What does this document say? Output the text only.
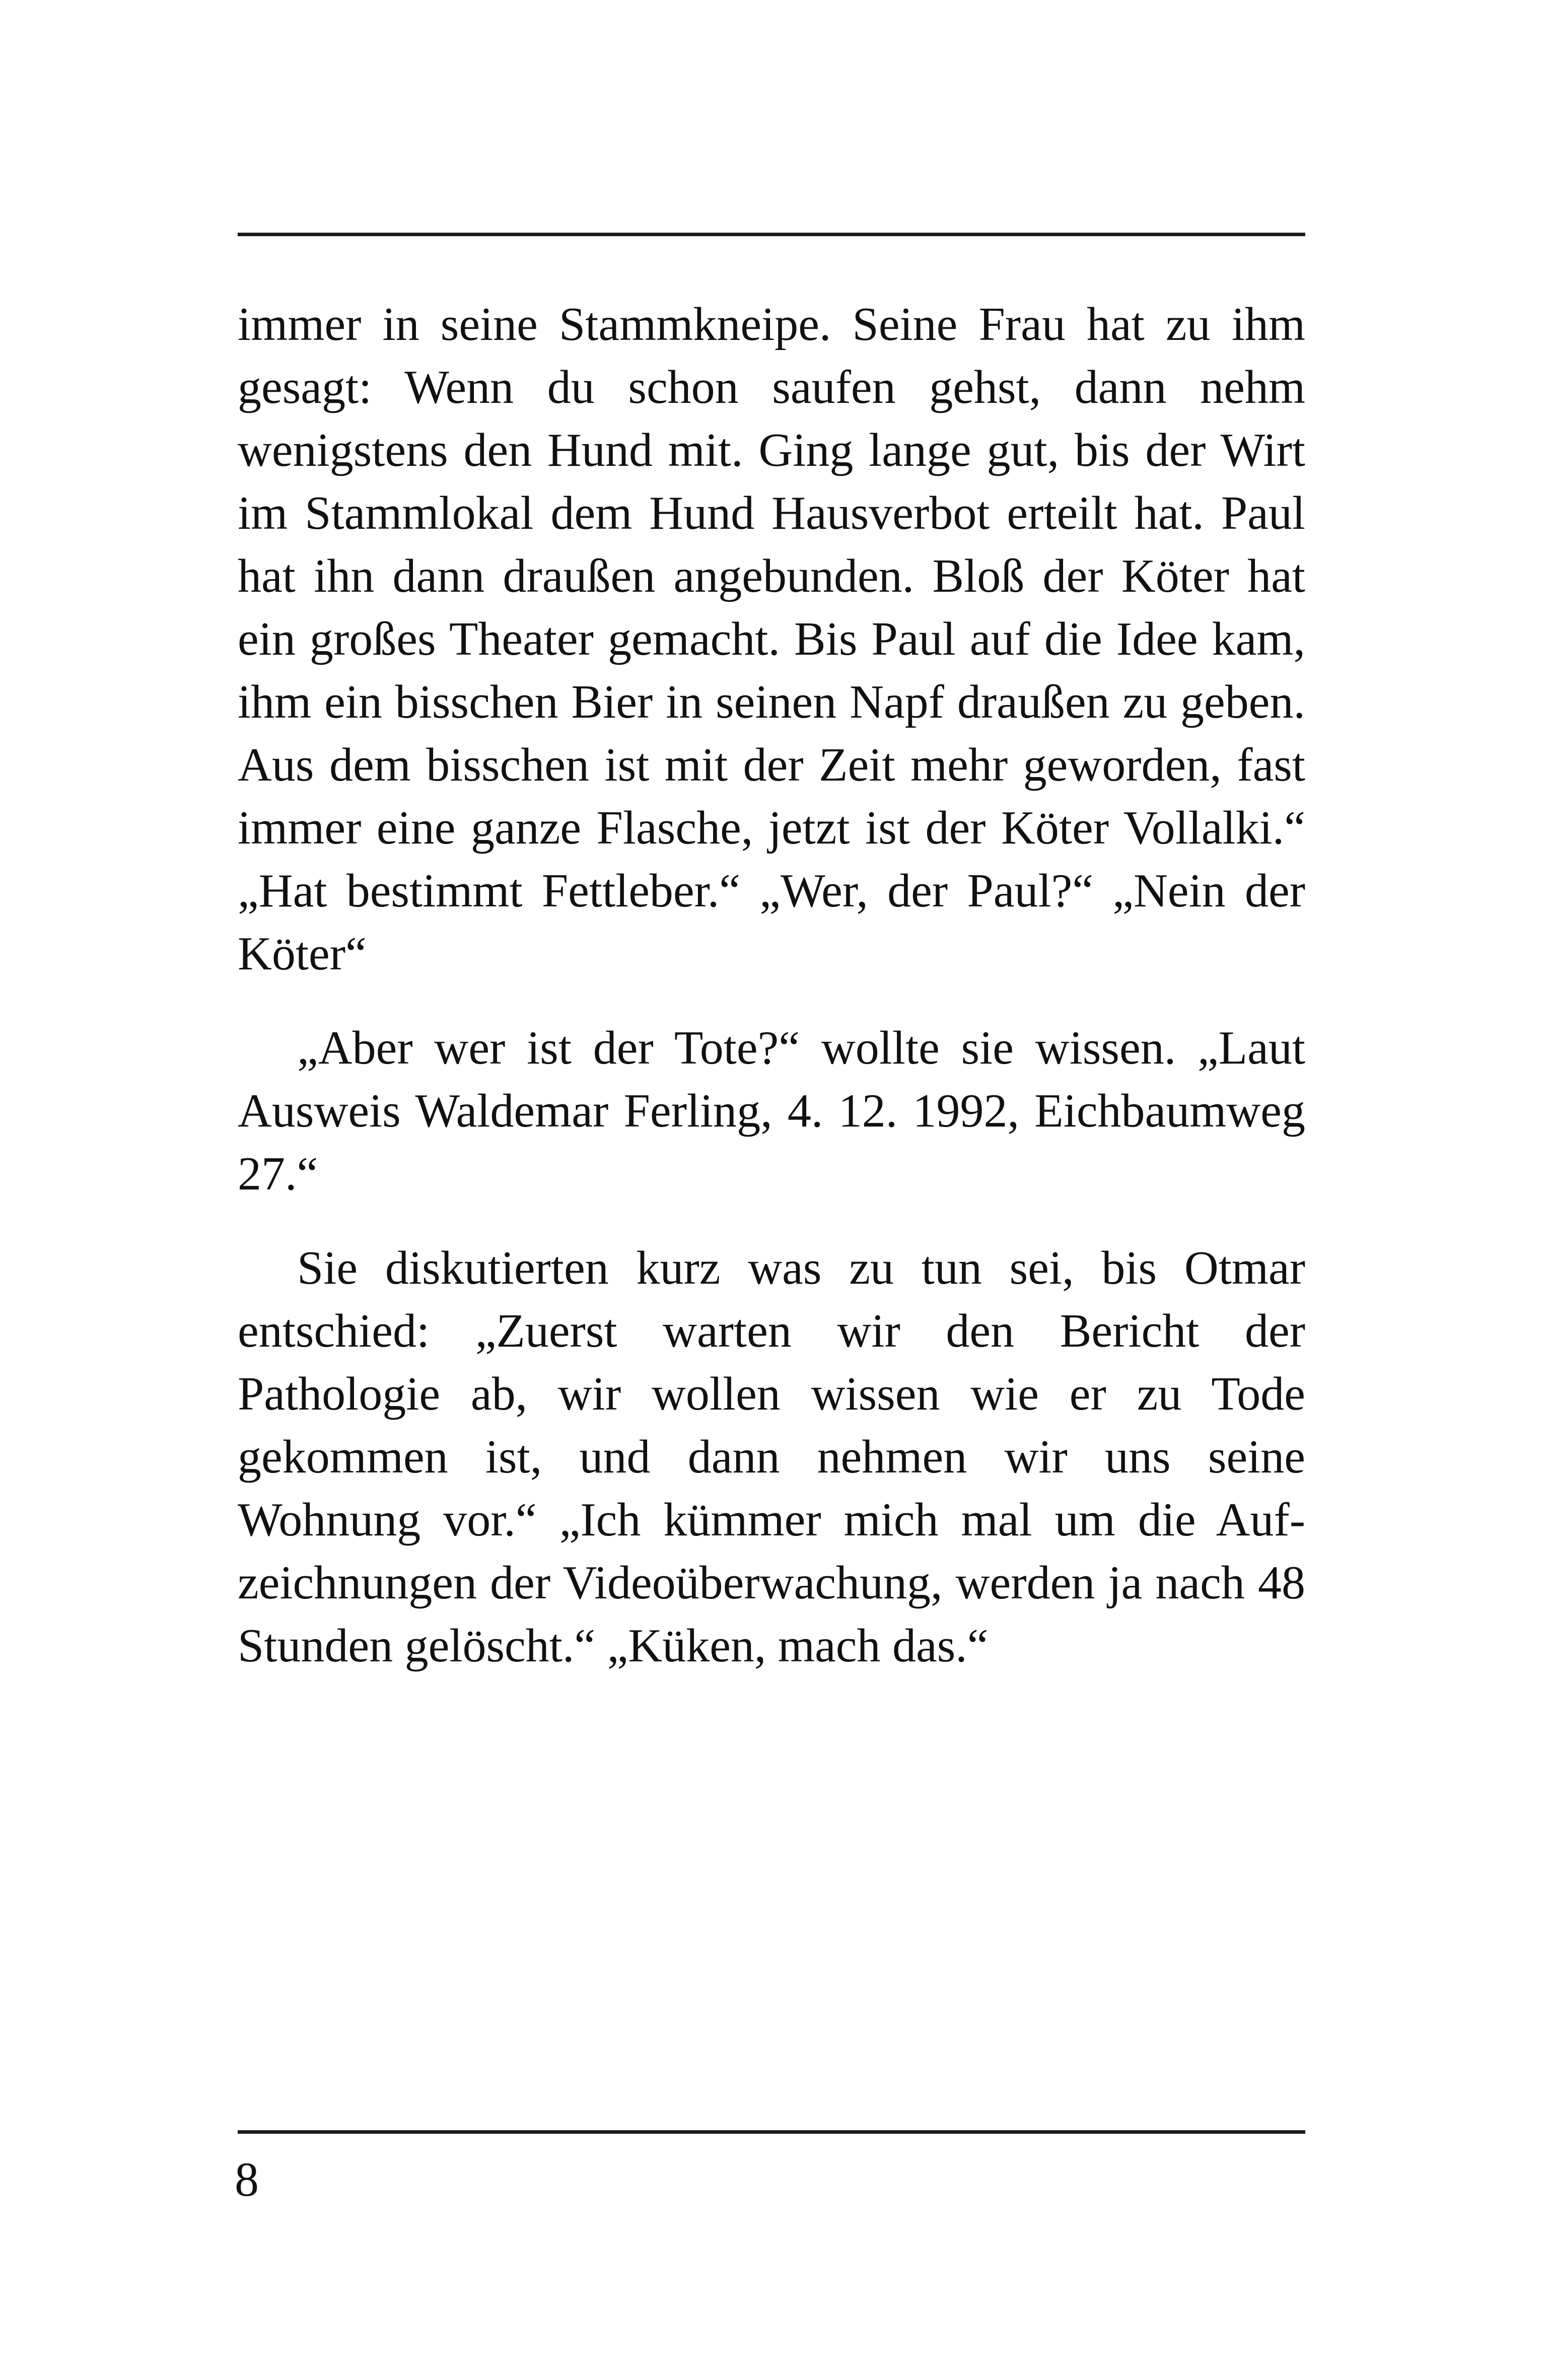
immer in seine Stammkneipe. Seine Frau hat zu ihm gesagt: Wenn du schon saufen gehst, dann nehm wenigstens den Hund mit. Ging lange gut, bis der Wirt im Stammlokal dem Hund Hausverbot erteilt hat. Paul hat ihn dann draußen angebunden. Bloß der Köter hat ein großes Theater gemacht. Bis Paul auf die Idee kam, ihm ein bisschen Bier in seinen Napf draußen zu geben. Aus dem bisschen ist mit der Zeit mehr geworden, fast immer eine ganze Flasche, jetzt ist der Köter Vollalki.“ „Hat bestimmt Fettleber.“ „Wer, der Paul?“ „Nein der Köter“

„Aber wer ist der Tote?“ wollte sie wissen. „Laut Ausweis Waldemar Ferling, 4. 12. 1992, Eichbaumweg 27.“

Sie diskutierten kurz was zu tun sei, bis Otmar entschied: „Zuerst warten wir den Bericht der Pathologie ab, wir wollen wissen wie er zu Tode gekommen ist, und dann nehmen wir uns seine Wohnung vor.“ „Ich kümmer mich mal um die Auf-zeichnungen der Videoüberwachung, werden ja nach 48 Stunden gelöscht.“ „Küken, mach das.“

8
